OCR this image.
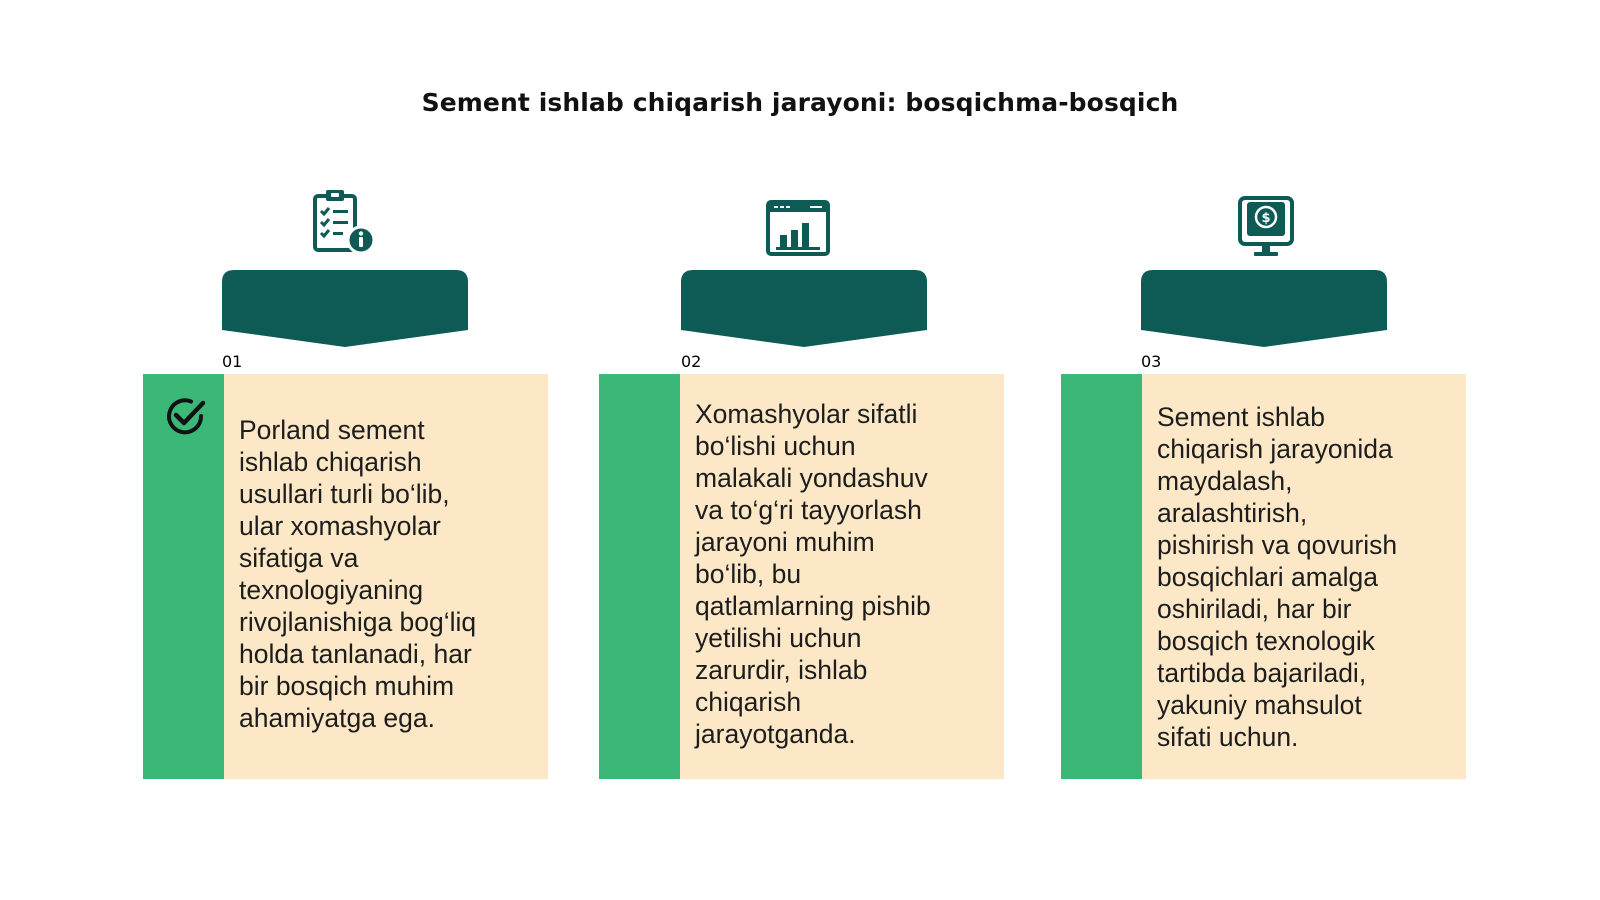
Sement ishlab chiqarish jarayoni: bosqichma-bosqich
01
Porland sement
ishlab chiqarish
usullari turli bo‘lib,
ular xomashyolar
sifatiga va
texnologiyaning
rivojlanishiga bog‘liq
holda tanlanadi, har
bir bosqich muhim
ahamiyatga ega.
02
Xomashyolar sifatli
bo‘lishi uchun
malakali yondashuv
va to‘g‘ri tayyorlash
jarayoni muhim
bo‘lib, bu
qatlamlarning pishib
yetilishi uchun
zarurdir, ishlab
chiqarish
jarayotganda.
$
03
Sement ishlab
chiqarish jarayonida
maydalash,
aralashtirish,
pishirish va qovurish
bosqichlari amalga
oshiriladi, har bir
bosqich texnologik
tartibda bajariladi,
yakuniy mahsulot
sifati uchun.
